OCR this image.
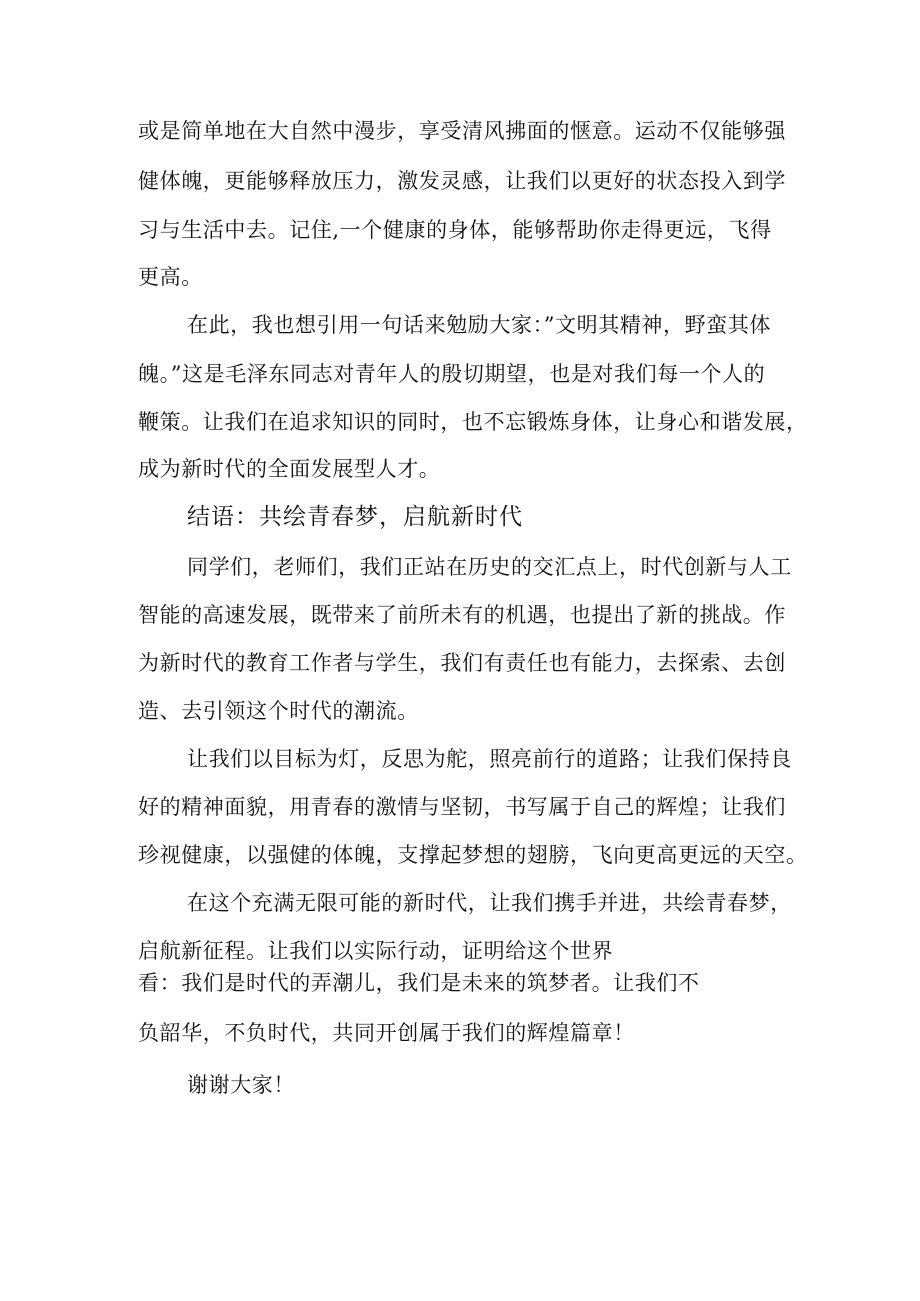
或是简单地在大自然中漫步，享受清风拂面的惬意。运动不仅能够强
健体魄，更能够释放压力，激发灵感，让我们以更好的状态投入到学
习与生活中去。记住,一个健康的身体，能够帮助你走得更远，飞得
更高。
在此，我也想引用一句话来勉励大家：”文明其精神，野蛮其体
魄。”这是毛泽东同志对青年人的殷切期望，也是对我们每一个人的
鞭策。让我们在追求知识的同时，也不忘锻炼身体，让身心和谐发展，
成为新时代的全面发展型人才。
结语：共绘青春梦，启航新时代
同学们，老师们，我们正站在历史的交汇点上，时代创新与人工
智能的高速发展，既带来了前所未有的机遇，也提出了新的挑战。作
为新时代的教育工作者与学生，我们有责任也有能力，去探索、去创
造、去引领这个时代的潮流。
让我们以目标为灯，反思为舵，照亮前行的道路；让我们保持良
好的精神面貌，用青春的激情与坚韧，书写属于自己的辉煌；让我们
珍视健康，以强健的体魄，支撑起梦想的翅膀，飞向更高更远的天空。
在这个充满无限可能的新时代，让我们携手并进，共绘青春梦，
启航新征程。让我们以实际行动，证明给这个世界
看：我们是时代的弄潮儿，我们是未来的筑梦者。让我们不
负韶华，不负时代，共同开创属于我们的辉煌篇章！
谢谢大家！
